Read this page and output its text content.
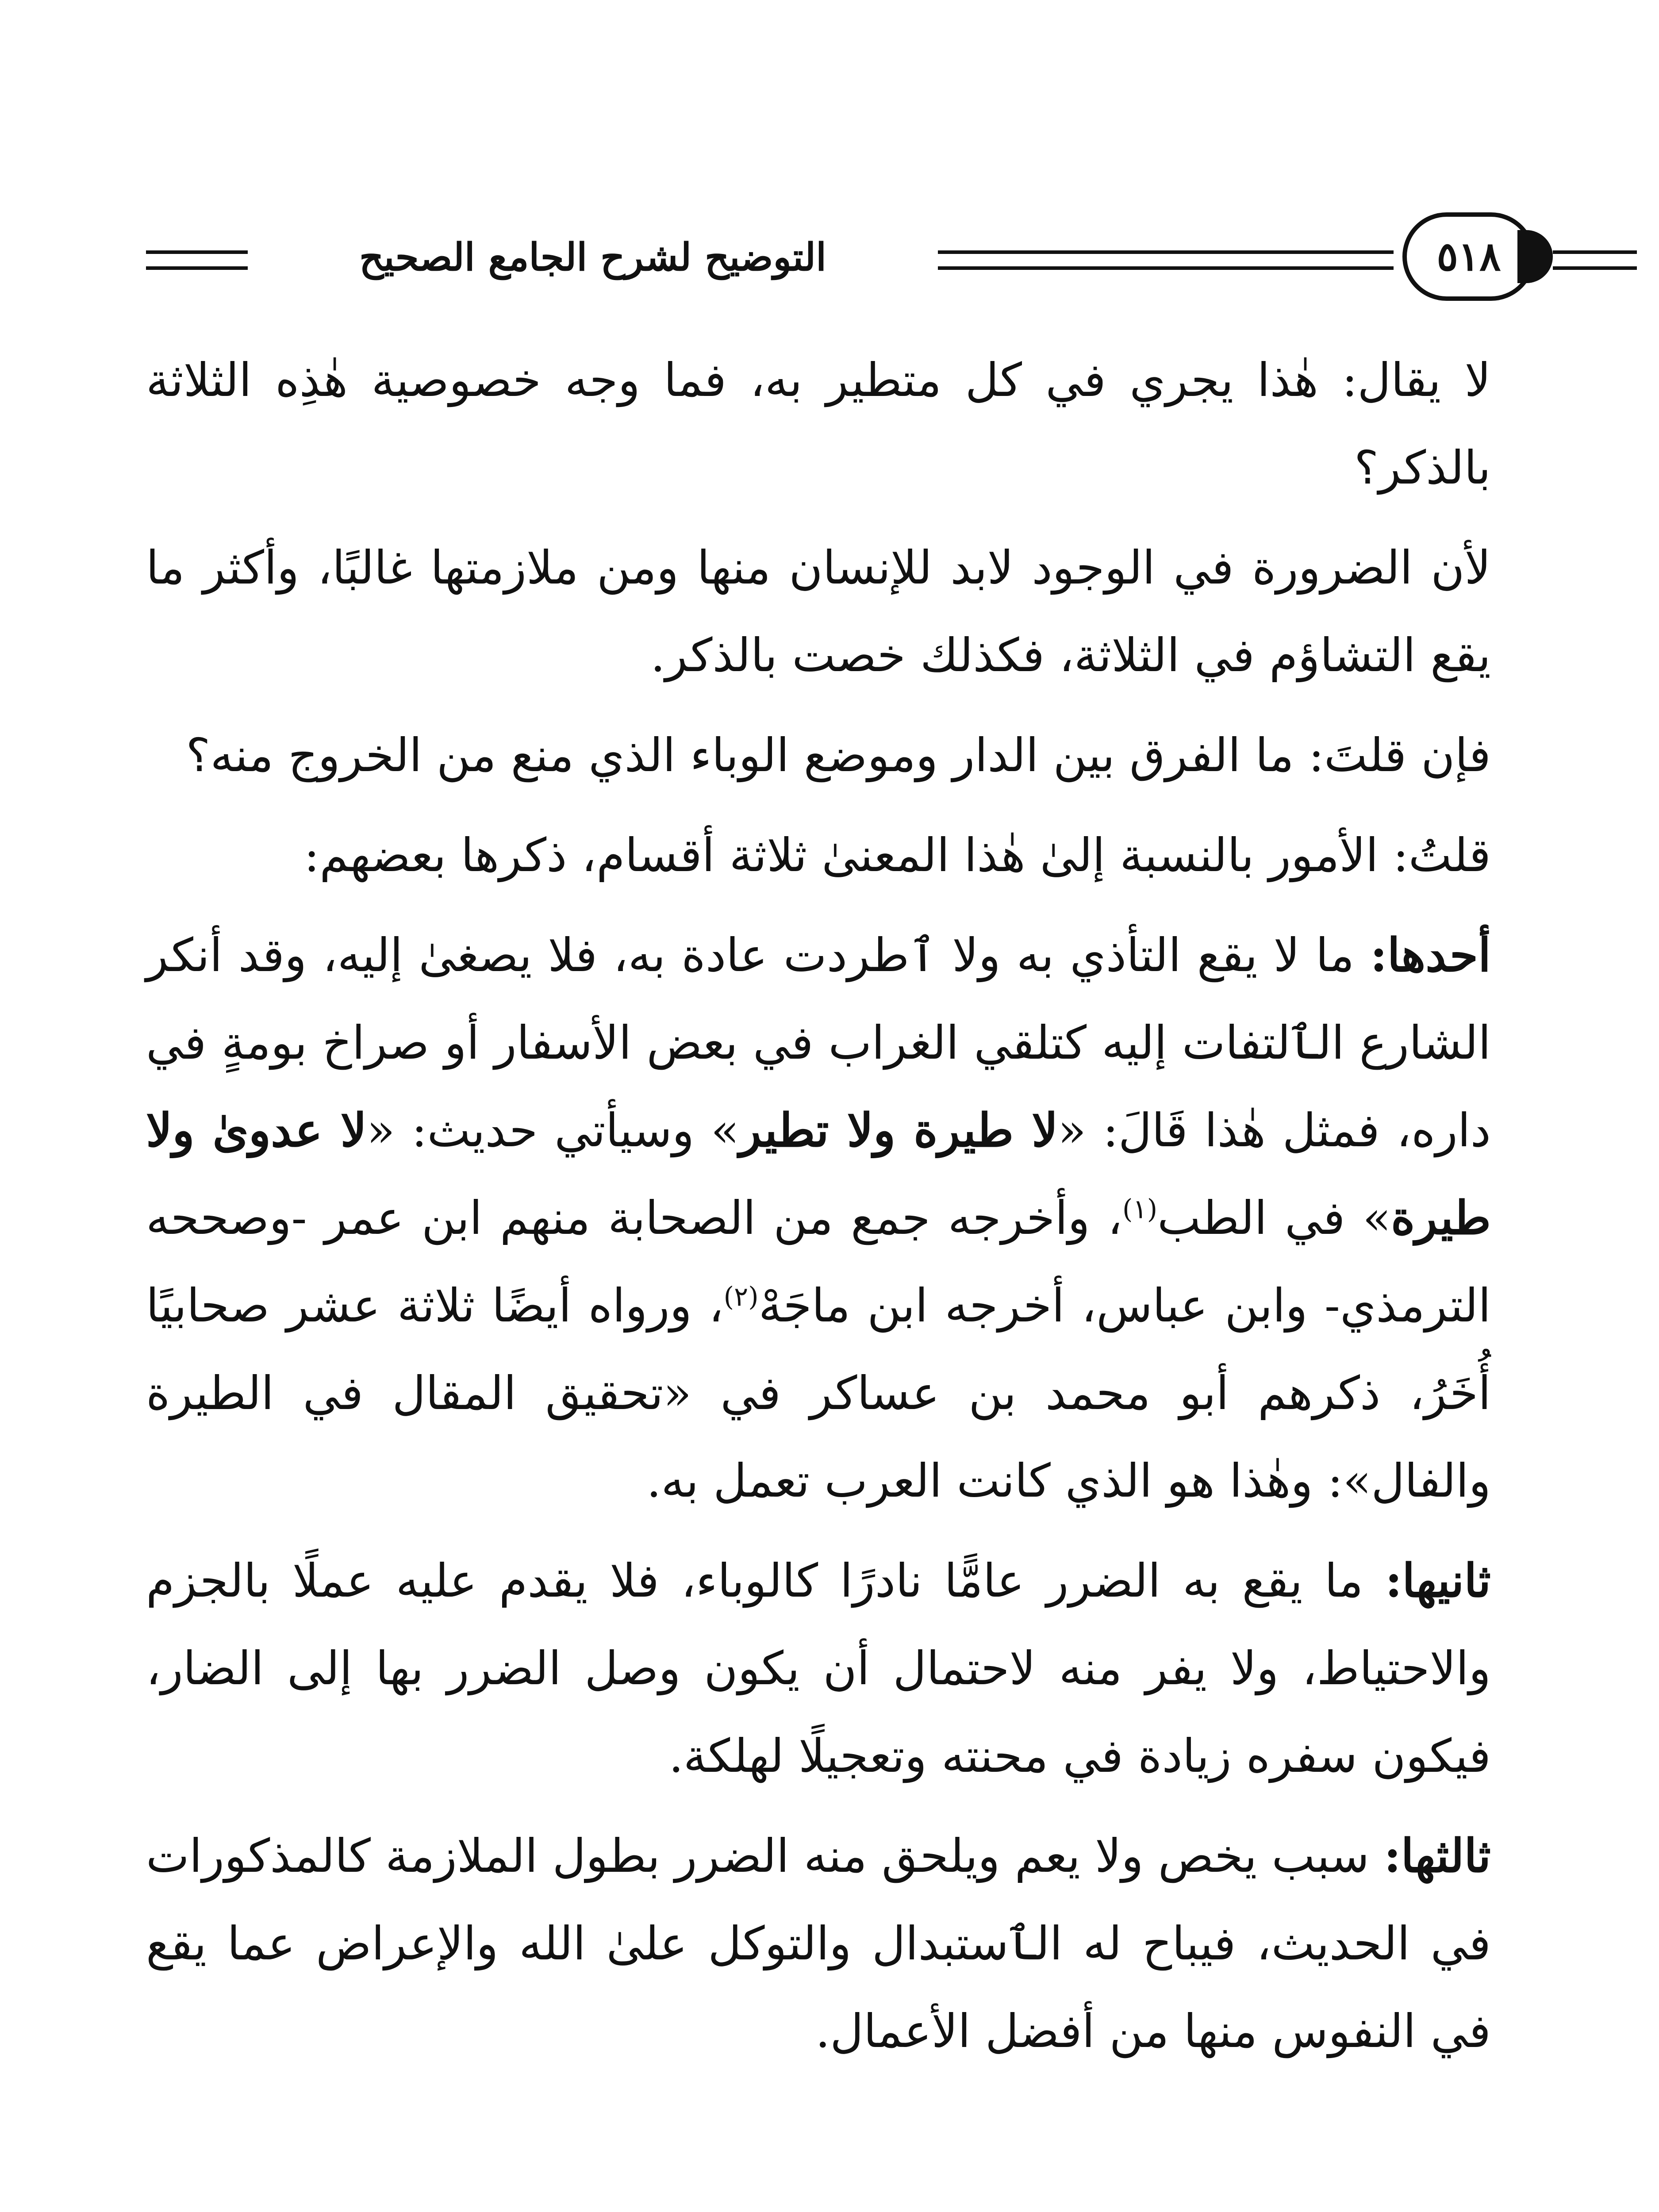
التوضيح لشرح الجامع الصحيح	٥١٨

لا يقال: هٰذا يجري في كل متطير به، فما وجه خصوصية هٰذِه الثلاثة بالذكر؟

لأن الضرورة في الوجود لابد للإنسان منها ومن ملازمتها غالبًا، وأكثر ما يقع التشاؤم في الثلاثة، فكذلك خصت بالذكر.

فإن قلتَ: ما الفرق بين الدار وموضع الوباء الذي منع من الخروج منه؟

قلتُ: الأمور بالنسبة إلىٰ هٰذا المعنىٰ ثلاثة أقسام، ذكرها بعضهم:

أحدها: ما لا يقع التأذي به ولا ٱطردت عادة به، فلا يصغىٰ إليه، وقد أنكر الشارع الٱلتفات إليه كتلقي الغراب في بعض الأسفار أو صراخ بومةٍ في داره، فمثل هٰذا قَالَ: «لا طيرة ولا تطير» وسيأتي حديث: «لا عدوىٰ ولا طيرة» في الطب$^{(١)}$، وأخرجه جمع من الصحابة منهم ابن عمر -وصححه الترمذي- وابن عباس، أخرجه ابن ماجَهْ$^{(٢)}$، ورواه أيضًا ثلاثة عشر صحابيًا أُخَرُ، ذكرهم أبو محمد بن عساكر في «تحقيق المقال في الطيرة والفال»: وهٰذا هو الذي كانت العرب تعمل به.

ثانيها: ما يقع به الضرر عامًّا نادرًا كالوباء، فلا يقدم عليه عملًا بالجزم والاحتياط، ولا يفر منه لاحتمال أن يكون وصل الضرر بها إلى الضار، فيكون سفره زيادة في محنته وتعجيلًا لهلكة.

ثالثها: سبب يخص ولا يعم ويلحق منه الضرر بطول الملازمة كالمذكورات في الحديث، فيباح له الٱستبدال والتوكل علىٰ الله والإعراض عما يقع في النفوس منها من أفضل الأعمال.
